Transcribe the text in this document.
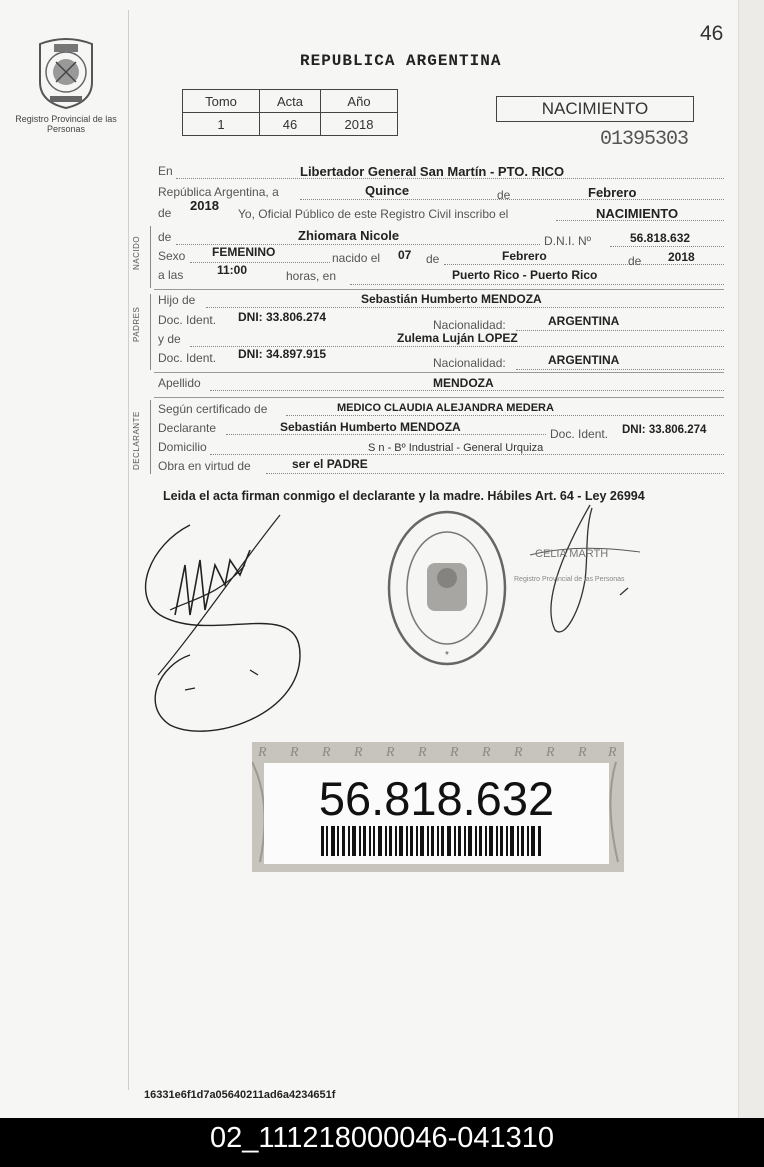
46
Registro Provincial de las Personas
REPUBLICA ARGENTINA
Tomo	Acta	Año
1	46	2018
NACIMIENTO
01395303
En	Libertador General San Martín - PTO. RICO
República Argentina, a	Quince	de	Febrero
de 2018
Yo, Oficial Público de este Registro Civil inscribo el	NACIMIENTO
NACIDO de	Zhiomara Nicole	D.N.I. Nº	56.818.632
Sexo FEMENINO	nacido el 07 de	Febrero	de 2018
a las	11:00	horas, en	Puerto Rico - Puerto Rico
PADRES
Hijo de	Sebastián Humberto MENDOZA
Doc. Ident. DNI: 33.806.274
Nacionalidad:	ARGENTINA
y de	Zulema Luján LOPEZ
Doc. Ident. DNI: 34.897.915
Nacionalidad:	ARGENTINA
Apellido	MENDOZA
DECLARANTE
Según certificado de	MEDICO CLAUDIA ALEJANDRA MEDERA
Declarante	Sebastián Humberto MENDOZA	Doc. Ident. DNI: 33.806.274
Domicilio	S n - Bº Industrial - General Urquiza
Obra en virtud de	ser el PADRE
Leida el acta firman conmigo el declarante y la madre. Hábiles Art. 64 - Ley 26994
*
CELIA MARTH
Registro Provincial de las Personas
R R R R R R R R R R R R
56.818.632
16331e6f1d7a05640211ad6a4234651f
02_111218000046-041310
